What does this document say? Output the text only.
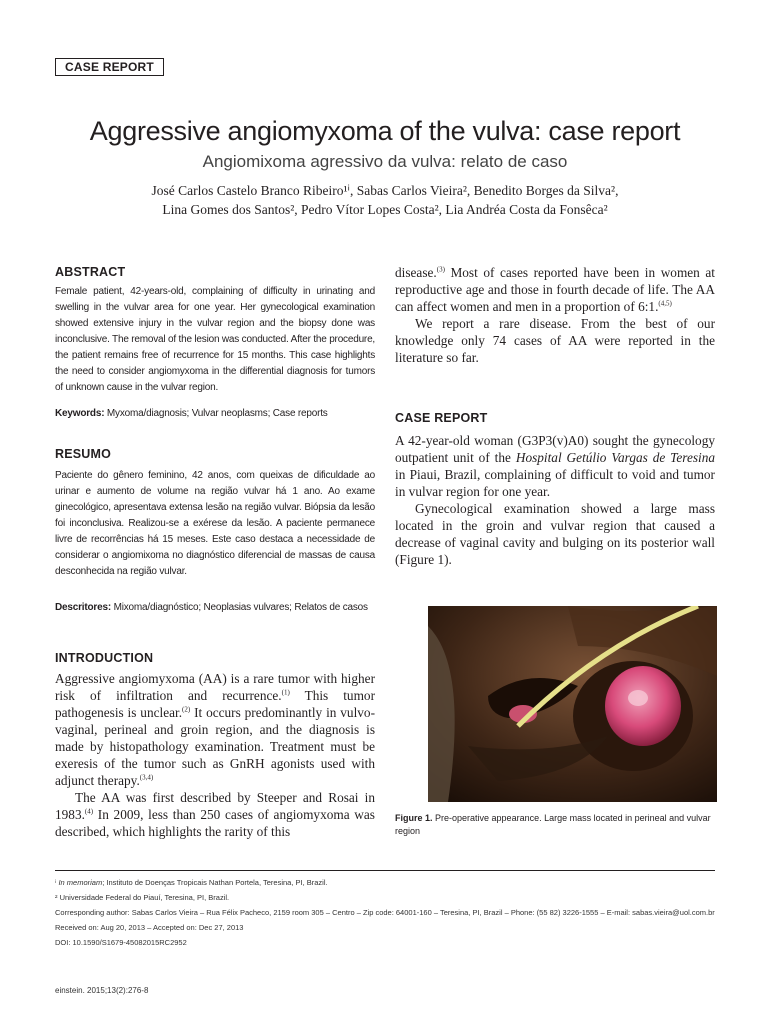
CASE REPORT
Aggressive angiomyxoma of the vulva: case report
Angiomixoma agressivo da vulva: relato de caso
José Carlos Castelo Branco Ribeiro¹ⁱ, Sabas Carlos Vieira², Benedito Borges da Silva²,
Lina Gomes dos Santos², Pedro Vítor Lopes Costa², Lia Andréa Costa da Fonsêca²
ABSTRACT

Female patient, 42-years-old, complaining of difficulty in urinating and swelling in the vulvar area for one year. Her gynecological examination showed extensive injury in the vulvar region and the biopsy done was inconclusive. The removal of the lesion was conducted. After the procedure, the patient remains free of recurrence for 15 months. This case highlights the need to consider angiomyxoma in the differential diagnosis for tumors of unknown cause in the vulvar region.

Keywords: Myxoma/diagnosis; Vulvar neoplasms; Case reports

RESUMO

Paciente do gênero feminino, 42 anos, com queixas de dificuldade ao urinar e aumento de volume na região vulvar há 1 ano. Ao exame ginecológico, apresentava extensa lesão na região vulvar. Biópsia da lesão foi inconclusiva. Realizou-se a exérese da lesão. A paciente permanece livre de recorrências há 15 meses. Este caso destaca a necessidade de considerar o angiomixoma no diagnóstico diferencial de massas de causa desconhecida na região vulvar.

Descritores: Mixoma/diagnóstico; Neoplasias vulvares; Relatos de casos

INTRODUCTION

Aggressive angiomyxoma (AA) is a rare tumor with higher risk of infiltration and recurrence.$^{(1)}$ This tumor pathogenesis is unclear.$^{(2)}$ It occurs predominantly in vulvo-vaginal, perineal and groin region, and the diagnosis is made by histopathology examination. Treatment must be exeresis of the tumor such as GnRH agonists used with adjunct therapy.$^{(3,4)}$

The AA was first described by Steeper and Rosai in 1983.$^{(4)}$ In 2009, less than 250 cases of angiomyxoma was described, which highlights the rarity of this

disease.$^{(3)}$ Most of cases reported have been in women at reproductive age and those in fourth decade of life. The AA can affect women and men in a proportion of 6:1.$^{(4,5)}$

We report a rare disease. From the best of our knowledge only 74 cases of AA were reported in the literature so far.

CASE REPORT

A 42-year-old woman (G3P3(v)A0) sought the gynecology outpatient unit of the Hospital Getúlio Vargas de Teresina in Piaui, Brazil, complaining of difficult to void and tumor in vulvar region for one year.

Gynecological examination showed a large mass located in the groin and vulvar region that caused a decrease of vaginal cavity and bulging on its posterior wall (Figure 1).

Figure 1. Pre-operative appearance. Large mass located in perineal and vulvar region
ⁱ In memoriam; Instituto de Doenças Tropicais Nathan Portela, Teresina, PI, Brazil.
² Universidade Federal do Piauí, Teresina, PI, Brazil.
Corresponding author: Sabas Carlos Vieira – Rua Félix Pacheco, 2159 room 305 – Centro – Zip code: 64001-160 – Teresina, PI, Brazil – Phone: (55 82) 3226-1555 – E-mail: sabas.vieira@uol.com.br
Received on: Aug 20, 2013 – Accepted on: Dec 27, 2013
DOI: 10.1590/S1679-45082015RC2952
einstein. 2015;13(2):276-8
